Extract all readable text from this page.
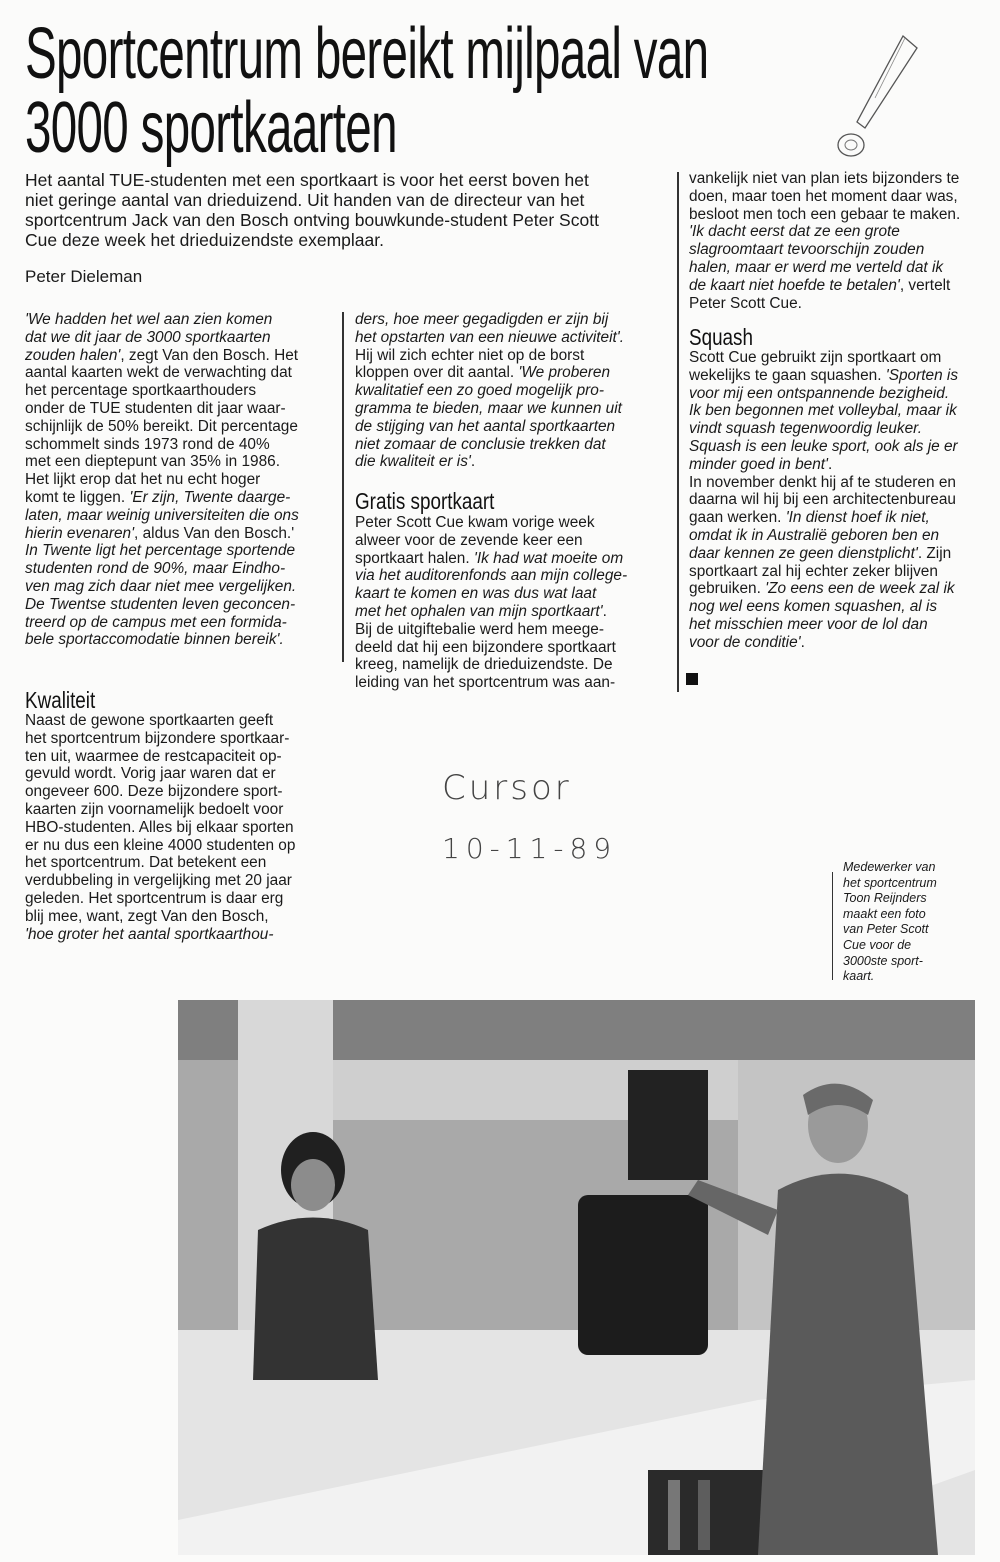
Sportcentrum bereikt mijlpaal van
3000 sportkaarten
Het aantal TUE-studenten met een sportkaart is voor het eerst boven het
niet geringe aantal van drieduizend. Uit handen van de directeur van het
sportcentrum Jack van den Bosch ontving bouwkunde-student Peter Scott
Cue deze week het drieduizendste exemplaar.
Peter Dieleman
'We hadden het wel aan zien komen
dat we dit jaar de 3000 sportkaarten
zouden halen', zegt Van den Bosch. Het
aantal kaarten wekt de verwachting dat
het percentage sportkaarthouders
onder de TUE studenten dit jaar waar-
schijnlijk de 50% bereikt. Dit percentage
schommelt sinds 1973 rond de 40%
met een dieptepunt van 35% in 1986.
Het lijkt erop dat het nu echt hoger
komt te liggen. 'Er zijn, Twente daarge-
laten, maar weinig universiteiten die ons
hierin evenaren', aldus Van den Bosch.'
In Twente ligt het percentage sportende
studenten rond de 90%, maar Eindho-
ven mag zich daar niet mee vergelijken.
De Twentse studenten leven geconcen-
treerd op de campus met een formida-
bele sportaccomodatie binnen bereik'.
Kwaliteit
Naast de gewone sportkaarten geeft
het sportcentrum bijzondere sportkaar-
ten uit, waarmee de restcapaciteit op-
gevuld wordt. Vorig jaar waren dat er
ongeveer 600. Deze bijzondere sport-
kaarten zijn voornamelijk bedoelt voor
HBO-studenten. Alles bij elkaar sporten
er nu dus een kleine 4000 studenten op
het sportcentrum. Dat betekent een
verdubbeling in vergelijking met 20 jaar
geleden. Het sportcentrum is daar erg
blij mee, want, zegt Van den Bosch,
'hoe groter het aantal sportkaarthou-
ders, hoe meer gegadigden er zijn bij
het opstarten van een nieuwe activiteit'.
Hij wil zich echter niet op de borst
kloppen over dit aantal. 'We proberen
kwalitatief een zo goed mogelijk pro-
gramma te bieden, maar we kunnen uit
de stijging van het aantal sportkaarten
niet zomaar de conclusie trekken dat
die kwaliteit er is'.
Gratis sportkaart
Peter Scott Cue kwam vorige week
alweer voor de zevende keer een
sportkaart halen. 'Ik had wat moeite om
via het auditorenfonds aan mijn college-
kaart te komen en was dus wat laat
met het ophalen van mijn sportkaart'.
Bij de uitgiftebalie werd hem meege-
deeld dat hij een bijzondere sportkaart
kreeg, namelijk de drieduizendste. De
leiding van het sportcentrum was aan-
vankelijk niet van plan iets bijzonders te
doen, maar toen het moment daar was,
besloot men toch een gebaar te maken.
'Ik dacht eerst dat ze een grote
slagroomtaart tevoorschijn zouden
halen, maar er werd me verteld dat ik
de kaart niet hoefde te betalen', vertelt
Peter Scott Cue.
Squash
Scott Cue gebruikt zijn sportkaart om
wekelijks te gaan squashen. 'Sporten is
voor mij een ontspannende bezigheid.
Ik ben begonnen met volleybal, maar ik
vindt squash tegenwoordig leuker.
Squash is een leuke sport, ook als je er
minder goed in bent'.
In november denkt hij af te studeren en
daarna wil hij bij een architectenbureau
gaan werken. 'In dienst hoef ik niet,
omdat ik in Australië geboren ben en
daar kennen ze geen dienstplicht'. Zijn
sportkaart zal hij echter zeker blijven
gebruiken. 'Zo eens een de week zal ik
nog wel eens komen squashen, al is
het misschien meer voor de lol dan
voor de conditie'.
Cursor
10-11-89
Medewerker van
het sportcentrum
Toon Reijnders
maakt een foto
van Peter Scott
Cue voor de
3000ste sport-
kaart.
